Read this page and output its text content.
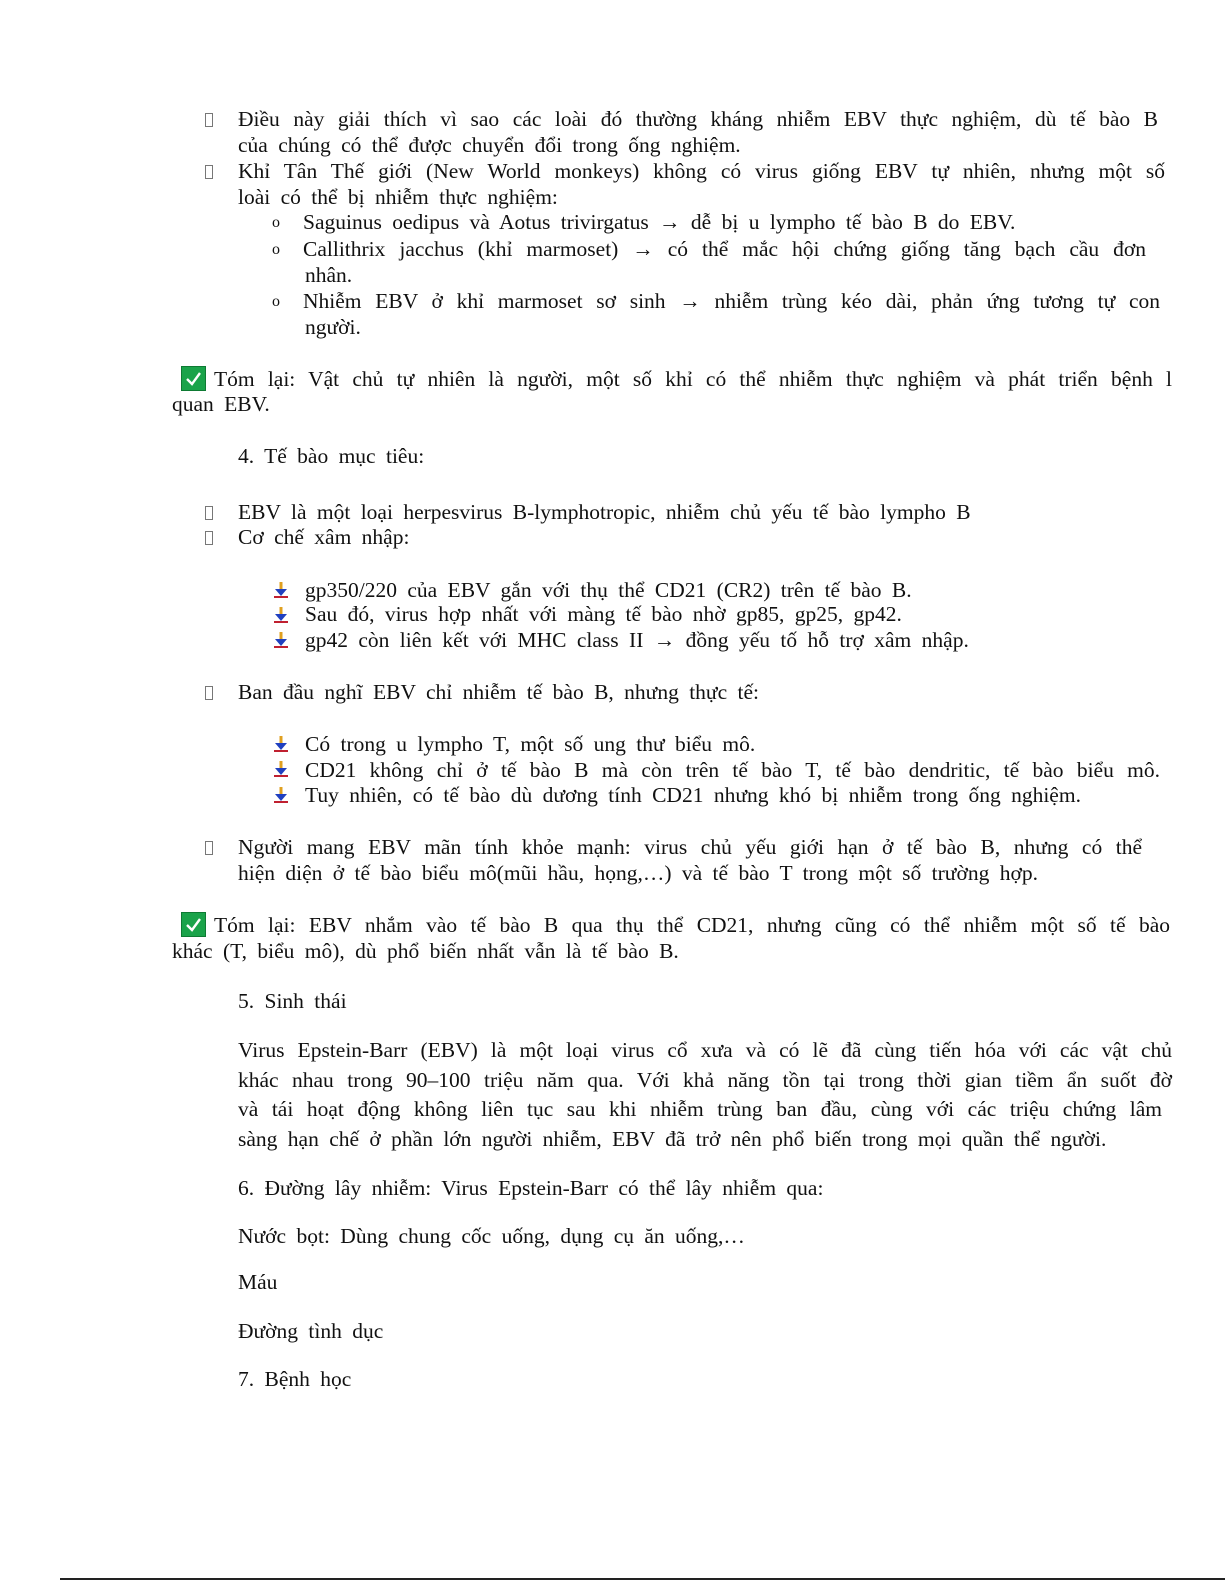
Điều này giải thích vì sao các loài đó thường kháng nhiễm EBV thực nghiệm, dù tế bào B
của chúng có thể được chuyển đổi trong ống nghiệm.
Khỉ Tân Thế giới (New World monkeys) không có virus giống EBV tự nhiên, nhưng một số
loài có thể bị nhiễm thực nghiệm:
o Saguinus oedipus và Aotus trivirgatus → dễ bị u lympho tế bào B do EBV.
o Callithrix jacchus (khỉ marmoset) → có thể mắc hội chứng giống tăng bạch cầu đơn
nhân.
o Nhiễm EBV ở khỉ marmoset sơ sinh → nhiễm trùng kéo dài, phản ứng tương tự con
người.
Tóm lại: Vật chủ tự nhiên là người, một số khỉ có thể nhiễm thực nghiệm và phát triển bệnh l
quan EBV.
4. Tế bào mục tiêu:
EBV là một loại herpesvirus B-lymphotropic, nhiễm chủ yếu tế bào lympho B
Cơ chế xâm nhập:
gp350/220 của EBV gắn với thụ thể CD21 (CR2) trên tế bào B.
Sau đó, virus hợp nhất với màng tế bào nhờ gp85, gp25, gp42.
gp42 còn liên kết với MHC class II → đồng yếu tố hỗ trợ xâm nhập.
Ban đầu nghĩ EBV chỉ nhiễm tế bào B, nhưng thực tế:
Có trong u lympho T, một số ung thư biểu mô.
CD21 không chỉ ở tế bào B mà còn trên tế bào T, tế bào dendritic, tế bào biểu mô.
Tuy nhiên, có tế bào dù dương tính CD21 nhưng khó bị nhiễm trong ống nghiệm.
Người mang EBV mãn tính khỏe mạnh: virus chủ yếu giới hạn ở tế bào B, nhưng có thể
hiện diện ở tế bào biểu mô(mũi hầu, họng,…) và tế bào T trong một số trường hợp.
Tóm lại: EBV nhắm vào tế bào B qua thụ thể CD21, nhưng cũng có thể nhiễm một số tế bào
khác (T, biểu mô), dù phổ biến nhất vẫn là tế bào B.
5. Sinh thái
Virus Epstein-Barr (EBV) là một loại virus cổ xưa và có lẽ đã cùng tiến hóa với các vật chủ
khác nhau trong 90–100 triệu năm qua. Với khả năng tồn tại trong thời gian tiềm ẩn suốt đờ
và tái hoạt động không liên tục sau khi nhiễm trùng ban đầu, cùng với các triệu chứng lâm
sàng hạn chế ở phần lớn người nhiễm, EBV đã trở nên phổ biến trong mọi quần thể người.
6. Đường lây nhiễm: Virus Epstein-Barr có thể lây nhiễm qua:
Nước bọt: Dùng chung cốc uống, dụng cụ ăn uống,…
Máu
Đường tình dục
7. Bệnh học
